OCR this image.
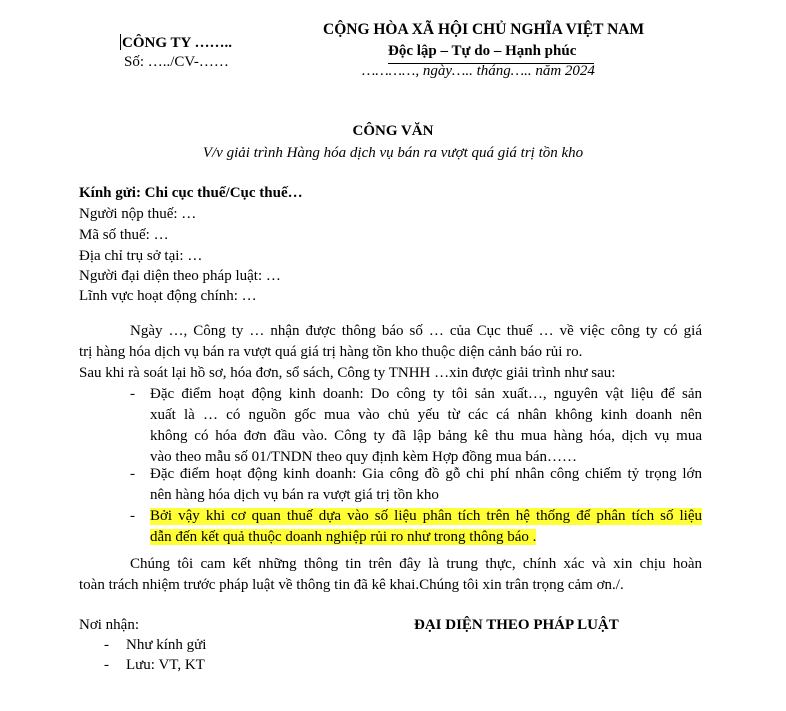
CÔNG TY ……..
Số: …../CV-……
CỘNG HÒA XÃ HỘI CHỦ NGHĨA VIỆT NAM
Độc lập – Tự do – Hạnh phúc
…………, ngày….. tháng….. năm 2024
CÔNG VĂN
V/v giải trình Hàng hóa dịch vụ bán ra vượt quá giá trị tồn kho
Kính gửi: Chi cục thuế/Cục thuế…
Người nộp thuế: …
Mã số thuế: …
Địa chỉ trụ sở tại: …
Người đại diện theo pháp luật: …
Lĩnh vực hoạt động chính: …
Ngày …, Công ty … nhận được thông báo số … của Cục thuế … về việc công ty có giá
trị hàng hóa dịch vụ bán ra vượt quá giá trị hàng tồn kho thuộc diện cảnh báo rủi ro.
Sau khi rà soát lại hồ sơ, hóa đơn, sổ sách, Công ty TNHH …xin được giải trình như sau:
- Đặc điểm hoạt động kinh doanh: Do công ty tôi sản xuất…, nguyên vật liệu để sản
xuất là … có nguồn gốc mua vào chủ yếu từ các cá nhân không kinh doanh nên
không có hóa đơn đầu vào. Công ty đã lập bảng kê thu mua hàng hóa, dịch vụ mua
vào theo mẫu số 01/TNDN theo quy định kèm Hợp đồng mua bán……
- Đặc điểm hoạt động kinh doanh: Gia công đồ gỗ chi phí nhân công chiếm tỷ trọng lớn
nên hàng hóa dịch vụ bán ra vượt giá trị tồn kho
- Bởi vậy khi cơ quan thuế dựa vào số liệu phân tích trên hệ thống để phân tích số liệu
dẫn đến kết quả thuộc doanh nghiệp rủi ro như trong thông báo .
Chúng tôi cam kết những thông tin trên đây là trung thực, chính xác và xin chịu hoàn
toàn trách nhiệm trước pháp luật về thông tin đã kê khai.Chúng tôi xin trân trọng cảm ơn./.
Nơi nhận:
- Như kính gửi
- Lưu: VT, KT
ĐẠI DIỆN THEO PHÁP LUẬT
